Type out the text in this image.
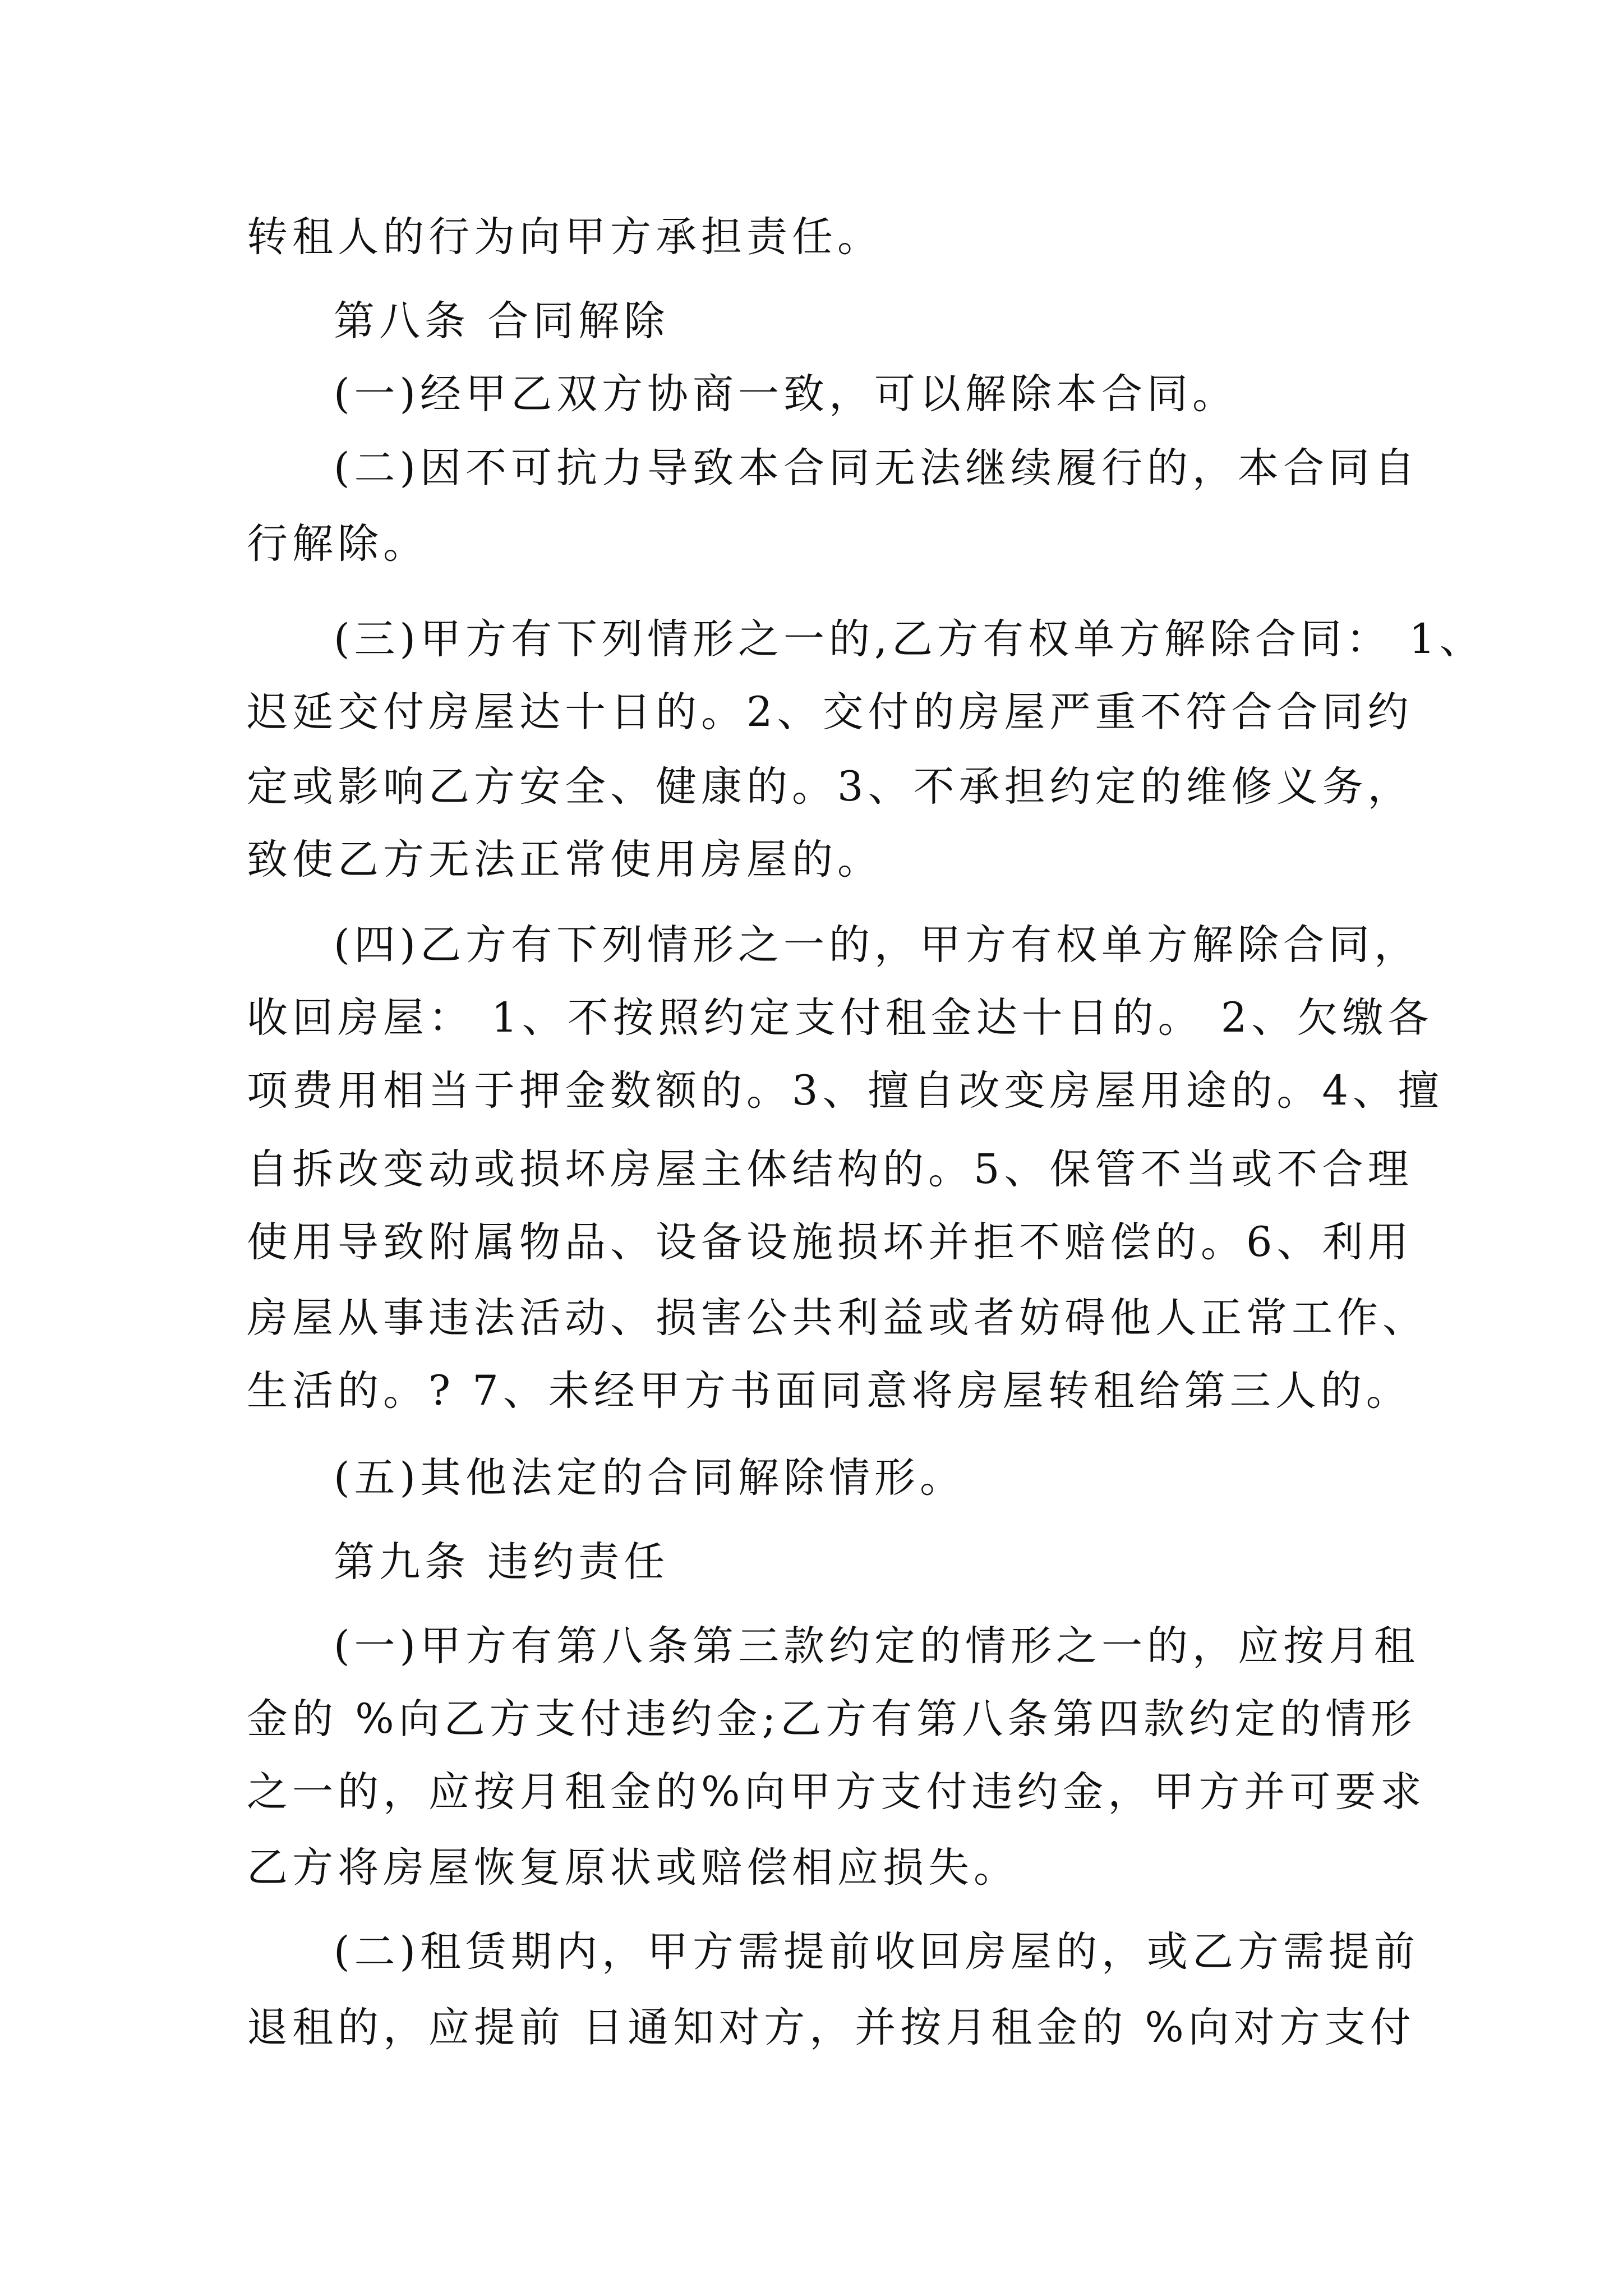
转租人的行为向甲方承担责任。

第八条 合同解除

(一)经甲乙双方协商一致，可以解除本合同。

(二)因不可抗力导致本合同无法继续履行的，本合同自

行解除。

(三)甲方有下列情形之一的,乙方有权单方解除合同： 1、

迟延交付房屋达十日的。2、交付的房屋严重不符合合同约

定或影响乙方安全、健康的。3、不承担约定的维修义务，

致使乙方无法正常使用房屋的。

(四)乙方有下列情形之一的，甲方有权单方解除合同，

收回房屋： 1、不按照约定支付租金达十日的。 2、欠缴各

项费用相当于押金数额的。3、擅自改变房屋用途的。4、擅

自拆改变动或损坏房屋主体结构的。5、保管不当或不合理

使用导致附属物品、设备设施损坏并拒不赔偿的。6、利用

房屋从事违法活动、损害公共利益或者妨碍他人正常工作、

生活的。? 7、未经甲方书面同意将房屋转租给第三人的。

(五)其他法定的合同解除情形。

第九条 违约责任

(一)甲方有第八条第三款约定的情形之一的，应按月租

金的 %向乙方支付违约金;乙方有第八条第四款约定的情形

之一的，应按月租金的%向甲方支付违约金，甲方并可要求

乙方将房屋恢复原状或赔偿相应损失。

(二)租赁期内，甲方需提前收回房屋的，或乙方需提前

退租的，应提前 日通知对方，并按月租金的 %向对方支付
